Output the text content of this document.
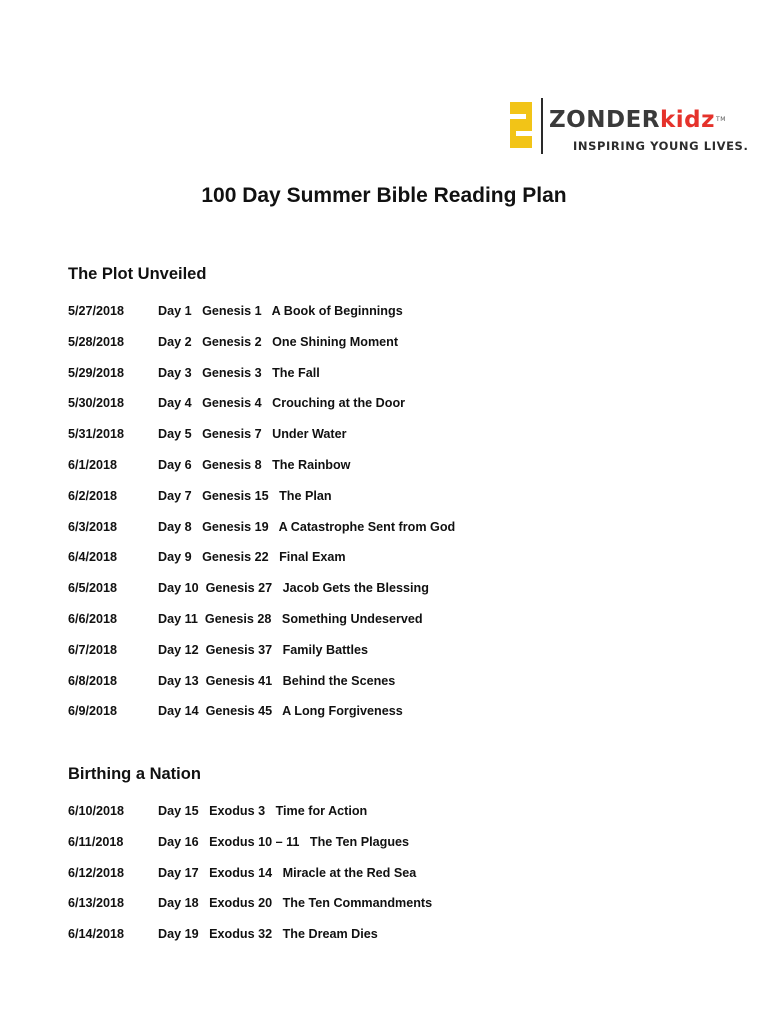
ZONDERkidz™
INSPIRING YOUNG LIVES.
100 Day Summer Bible Reading Plan
The Plot Unveiled
5/27/2018	Day 1   Genesis 1   A Book of Beginnings
5/28/2018	Day 2   Genesis 2   One Shining Moment
5/29/2018	Day 3   Genesis 3   The Fall
5/30/2018	Day 4   Genesis 4   Crouching at the Door
5/31/2018	Day 5   Genesis 7   Under Water
6/1/2018	Day 6   Genesis 8   The Rainbow
6/2/2018	Day 7   Genesis 15   The Plan
6/3/2018	Day 8   Genesis 19   A Catastrophe Sent from God
6/4/2018	Day 9   Genesis 22   Final Exam
6/5/2018	Day 10  Genesis 27   Jacob Gets the Blessing
6/6/2018	Day 11  Genesis 28   Something Undeserved
6/7/2018	Day 12  Genesis 37   Family Battles
6/8/2018	Day 13  Genesis 41   Behind the Scenes
6/9/2018	Day 14  Genesis 45   A Long Forgiveness
Birthing a Nation
6/10/2018	Day 15   Exodus 3   Time for Action
6/11/2018	Day 16   Exodus 10 – 11   The Ten Plagues
6/12/2018	Day 17   Exodus 14   Miracle at the Red Sea
6/13/2018	Day 18   Exodus 20   The Ten Commandments
6/14/2018	Day 19   Exodus 32   The Dream Dies
